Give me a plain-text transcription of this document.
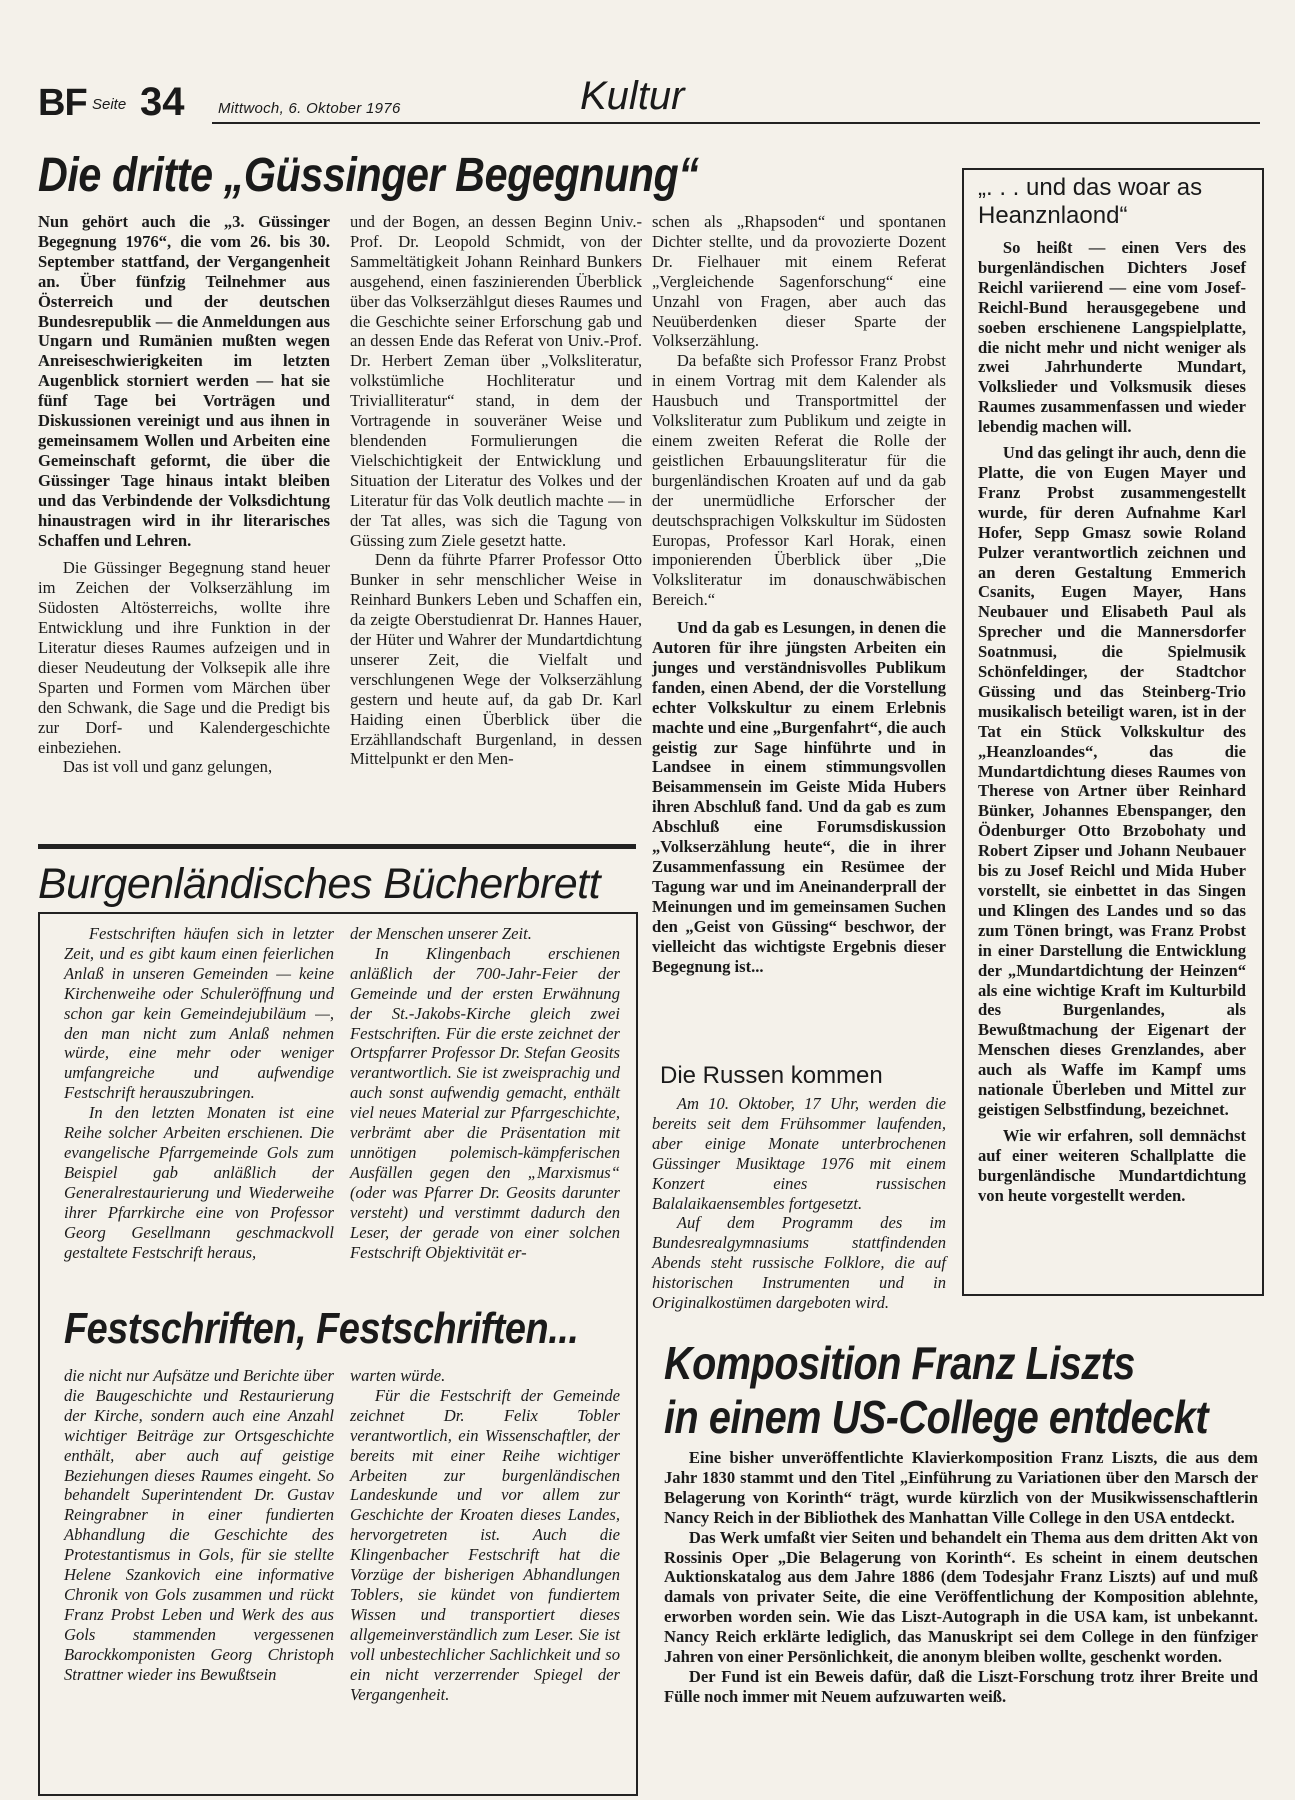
BF Seite 34 Mittwoch, 6. Oktober 1976	Kultur
Die dritte „Güssinger Begegnung“

Nun gehört auch die „3. Güssinger Begegnung 1976“, die vom 26. bis 30. September stattfand, der Vergangenheit an. Über fünfzig Teilnehmer aus Österreich und der deutschen Bundesrepublik — die Anmeldungen aus Ungarn und Rumänien mußten wegen Anreiseschwierigkeiten im letzten Augenblick storniert werden — hat sie fünf Tage bei Vorträgen und Diskussionen vereinigt und aus ihnen in gemeinsamem Wollen und Arbeiten eine Gemeinschaft geformt, die über die Güssinger Tage hinaus intakt bleiben und das Verbindende der Volksdichtung hinaustragen wird in ihr literarisches Schaffen und Lehren.

Die Güssinger Begegnung stand heuer im Zeichen der Volkserzählung im Südosten Altösterreichs, wollte ihre Entwicklung und ihre Funktion in der Literatur dieses Raumes aufzeigen und in dieser Neudeutung der Volksepik alle ihre Sparten und Formen vom Märchen über den Schwank, die Sage und die Predigt bis zur Dorf- und Kalendergeschichte einbeziehen.

Das ist voll und ganz gelungen,

und der Bogen, an dessen Beginn Univ.-Prof. Dr. Leopold Schmidt, von der Sammeltätigkeit Johann Reinhard Bunkers ausgehend, einen faszinierenden Überblick über das Volkserzählgut dieses Raumes und die Geschichte seiner Erforschung gab und an dessen Ende das Referat von Univ.-Prof. Dr. Herbert Zeman über „Volksliteratur, volkstümliche Hochliteratur und Trivialliteratur“ stand, in dem der Vortragende in souveräner Weise und blendenden Formulierungen die Vielschichtigkeit der Entwicklung und Situation der Literatur des Volkes und der Literatur für das Volk deutlich machte — in der Tat alles, was sich die Tagung von Güssing zum Ziele gesetzt hatte.

Denn da führte Pfarrer Professor Otto Bunker in sehr menschlicher Weise in Reinhard Bunkers Leben und Schaffen ein, da zeigte Oberstudienrat Dr. Hannes Hauer, der Hüter und Wahrer der Mundartdichtung unserer Zeit, die Vielfalt und verschlungenen Wege der Volkserzählung gestern und heute auf, da gab Dr. Karl Haiding einen Überblick über die Erzähllandschaft Burgenland, in dessen Mittelpunkt er den Men-

schen als „Rhapsoden“ und spontanen Dichter stellte, und da provozierte Dozent Dr. Fielhauer mit einem Referat „Vergleichende Sagenforschung“ eine Unzahl von Fragen, aber auch das Neuüberdenken dieser Sparte der Volkserzählung.

Da befaßte sich Professor Franz Probst in einem Vortrag mit dem Kalender als Hausbuch und Transportmittel der Volksliteratur zum Publikum und zeigte in einem zweiten Referat die Rolle der geistlichen Erbauungsliteratur für die burgenländischen Kroaten auf und da gab der unermüdliche Erforscher der deutschsprachigen Volkskultur im Südosten Europas, Professor Karl Horak, einen imponierenden Überblick über „Die Volksliteratur im donauschwäbischen Bereich.“

Und da gab es Lesungen, in denen die Autoren für ihre jüngsten Arbeiten ein junges und verständnisvolles Publikum fanden, einen Abend, der die Vorstellung echter Volkskultur zu einem Erlebnis machte und eine „Burgenfahrt“, die auch geistig zur Sage hinführte und in Landsee in einem stimmungsvollen Beisammensein im Geiste Mida Hubers ihren Abschluß fand. Und da gab es zum Abschluß eine Forumsdiskussion „Volkserzählung heute“, die in ihrer Zusammenfassung ein Resümee der Tagung war und im Aneinanderprall der Meinungen und im gemeinsamen Suchen den „Geist von Güssing“ beschwor, der vielleicht das wichtigste Ergebnis dieser Begegnung ist...

Die Russen kommen

Am 10. Oktober, 17 Uhr, werden die bereits seit dem Frühsommer laufenden, aber einige Monate unterbrochenen Güssinger Musiktage 1976 mit einem Konzert eines russischen Balalaikaensembles fortgesetzt.

Auf dem Programm des im Bundesrealgymnasiums stattfindenden Abends steht russische Folklore, die auf historischen Instrumenten und in Originalkostümen dargeboten wird.

„. . . und das woar as Heanznlaond“

So heißt — einen Vers des burgenländischen Dichters Josef Reichl variierend — eine vom Josef-Reichl-Bund herausgegebene und soeben erschienene Langspielplatte, die nicht mehr und nicht weniger als zwei Jahrhunderte Mundart, Volkslieder und Volksmusik dieses Raumes zusammenfassen und wieder lebendig machen will.

Und das gelingt ihr auch, denn die Platte, die von Eugen Mayer und Franz Probst zusammengestellt wurde, für deren Aufnahme Karl Hofer, Sepp Gmasz sowie Roland Pulzer verantwortlich zeichnen und an deren Gestaltung Emmerich Csanits, Eugen Mayer, Hans Neubauer und Elisabeth Paul als Sprecher und die Mannersdorfer Soatnmusi, die Spielmusik Schönfeldinger, der Stadtchor Güssing und das Steinberg-Trio musikalisch beteiligt waren, ist in der Tat ein Stück Volkskultur des „Heanzloandes“, das die Mundartdichtung dieses Raumes von Therese von Artner über Reinhard Bünker, Johannes Ebenspanger, den Ödenburger Otto Brzobohaty und Robert Zipser und Johann Neubauer bis zu Josef Reichl und Mida Huber vorstellt, sie einbettet in das Singen und Klingen des Landes und so das zum Tönen bringt, was Franz Probst in einer Darstellung die Entwicklung der „Mundartdichtung der Heinzen“ als eine wichtige Kraft im Kulturbild des Burgenlandes, als Bewußtmachung der Eigenart der Menschen dieses Grenzlandes, aber auch als Waffe im Kampf ums nationale Überleben und Mittel zur geistigen Selbstfindung, bezeichnet.

Wie wir erfahren, soll demnächst auf einer weiteren Schallplatte die burgenländische Mundartdichtung von heute vorgestellt werden.

Burgenländisches Bücherbrett

Festschriften häufen sich in letzter Zeit, und es gibt kaum einen feierlichen Anlaß in unseren Gemeinden — keine Kirchenweihe oder Schuleröffnung und schon gar kein Gemeindejubiläum —, den man nicht zum Anlaß nehmen würde, eine mehr oder weniger umfangreiche und aufwendige Festschrift herauszubringen.

In den letzten Monaten ist eine Reihe solcher Arbeiten erschienen. Die evangelische Pfarrgemeinde Gols zum Beispiel gab anläßlich der Generalrestaurierung und Wiederweihe ihrer Pfarrkirche eine von Professor Georg Gesellmann geschmackvoll gestaltete Festschrift heraus,

der Menschen unserer Zeit.

In Klingenbach erschienen anläßlich der 700-Jahr-Feier der Gemeinde und der ersten Erwähnung der St.-Jakobs-Kirche gleich zwei Festschriften. Für die erste zeichnet der Ortspfarrer Professor Dr. Stefan Geosits verantwortlich. Sie ist zweisprachig und auch sonst aufwendig gemacht, enthält viel neues Material zur Pfarrgeschichte, verbrämt aber die Präsentation mit unnötigen polemisch-kämpferischen Ausfällen gegen den „Marxismus“ (oder was Pfarrer Dr. Geosits darunter versteht) und verstimmt dadurch den Leser, der gerade von einer solchen Festschrift Objektivität er-

Festschriften, Festschriften...

die nicht nur Aufsätze und Berichte über die Baugeschichte und Restaurierung der Kirche, sondern auch eine Anzahl wichtiger Beiträge zur Ortsgeschichte enthält, aber auch auf geistige Beziehungen dieses Raumes eingeht. So behandelt Superintendent Dr. Gustav Reingrabner in einer fundierten Abhandlung die Geschichte des Protestantismus in Gols, für sie stellte Helene Szankovich eine informative Chronik von Gols zusammen und rückt Franz Probst Leben und Werk des aus Gols stammenden vergessenen Barockkomponisten Georg Christoph Strattner wieder ins Bewußtsein

warten würde.

Für die Festschrift der Gemeinde zeichnet Dr. Felix Tobler verantwortlich, ein Wissenschaftler, der bereits mit einer Reihe wichtiger Arbeiten zur burgenländischen Landeskunde und vor allem zur Geschichte der Kroaten dieses Landes, hervorgetreten ist. Auch die Klingenbacher Festschrift hat die Vorzüge der bisherigen Abhandlungen Toblers, sie kündet von fundiertem Wissen und transportiert dieses allgemeinverständlich zum Leser. Sie ist voll unbestechlicher Sachlichkeit und so ein nicht verzerrender Spiegel der Vergangenheit.

Komposition Franz Liszts
in einem US-College entdeckt

Eine bisher unveröffentlichte Klavierkomposition Franz Liszts, die aus dem Jahr 1830 stammt und den Titel „Einführung zu Variationen über den Marsch der Belagerung von Korinth“ trägt, wurde kürzlich von der Musikwissenschaftlerin Nancy Reich in der Bibliothek des Manhattan Ville College in den USA entdeckt.

Das Werk umfaßt vier Seiten und behandelt ein Thema aus dem dritten Akt von Rossinis Oper „Die Belagerung von Korinth“. Es scheint in einem deutschen Auktionskatalog aus dem Jahre 1886 (dem Todesjahr Franz Liszts) auf und muß damals von privater Seite, die eine Veröffentlichung der Komposition ablehnte, erworben worden sein. Wie das Liszt-Autograph in die USA kam, ist unbekannt. Nancy Reich erklärte lediglich, das Manuskript sei dem College in den fünfziger Jahren von einer Persönlichkeit, die anonym bleiben wollte, geschenkt worden.

Der Fund ist ein Beweis dafür, daß die Liszt-Forschung trotz ihrer Breite und Fülle noch immer mit Neuem aufzuwarten weiß.
